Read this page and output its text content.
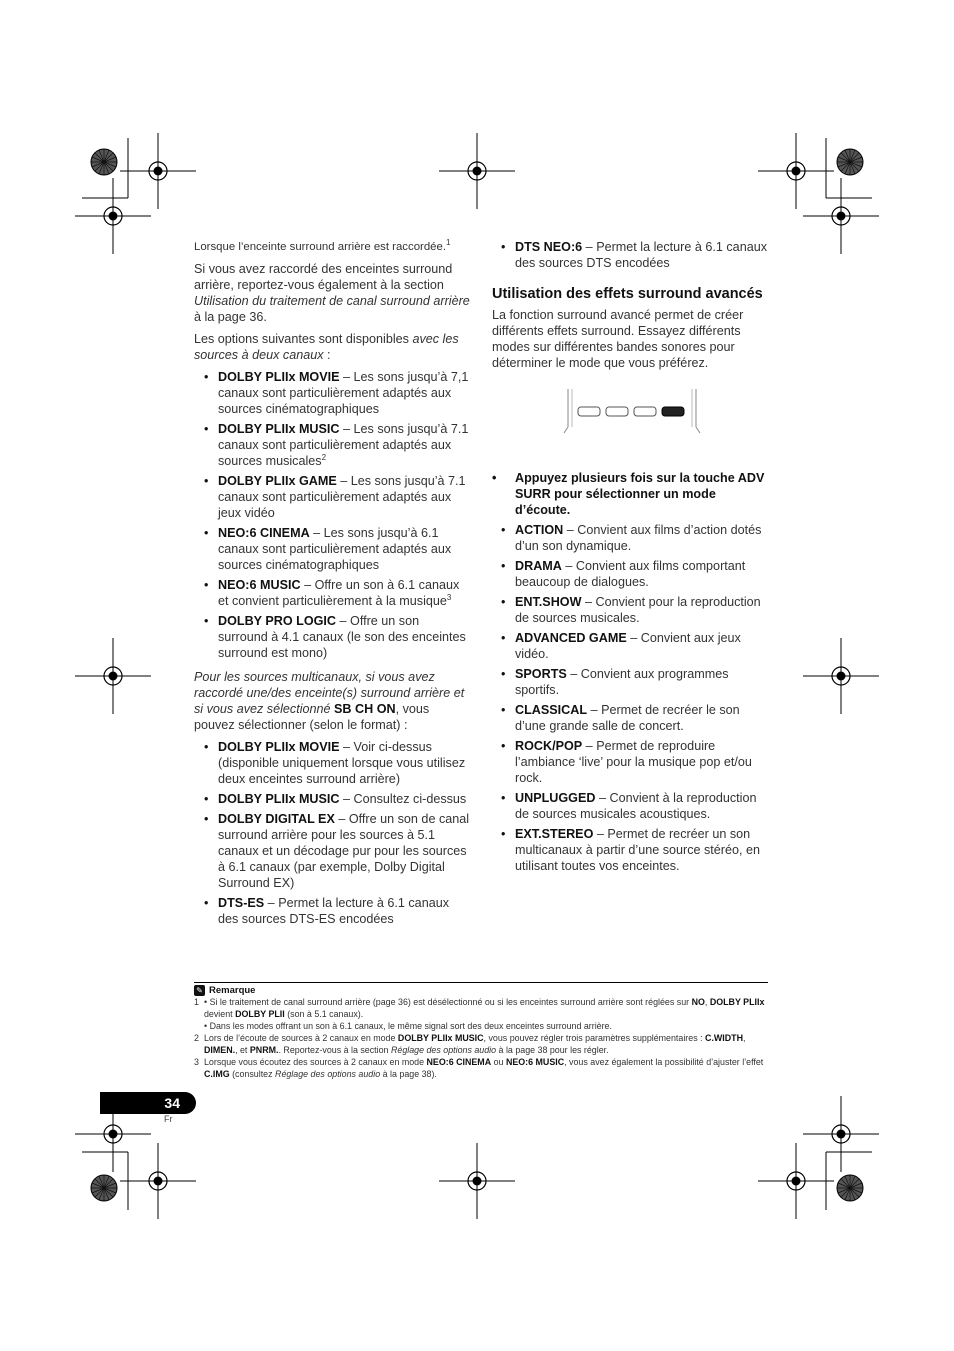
Lorsque l’enceinte surround arrière est raccordée.$^1$

Si vous avez raccordé des enceintes surround arrière, reportez-vous également à la section Utilisation du traitement de canal surround arrière à la page 36.

Les options suivantes sont disponibles avec les sources à deux canaux :

• DOLBY PLIIx MOVIE – Les sons jusqu’à 7,1 canaux sont particulièrement adaptés aux sources cinématographiques
• DOLBY PLIIx MUSIC – Les sons jusqu’à 7.1 canaux sont particulièrement adaptés aux sources musicales$^2$
• DOLBY PLIIx GAME – Les sons jusqu’à 7.1 canaux sont particulièrement adaptés aux jeux vidéo
• NEO:6 CINEMA – Les sons jusqu’à 6.1 canaux sont particulièrement adaptés aux sources cinématographiques
• NEO:6 MUSIC – Offre un son à 6.1 canaux et convient particulièrement à la musique$^3$
• DOLBY PRO LOGIC – Offre un son surround à 4.1 canaux (le son des enceintes surround est mono)

Pour les sources multicanaux, si vous avez raccordé une/des enceinte(s) surround arrière et si vous avez sélectionné SB CH ON, vous pouvez sélectionner (selon le format) :

• DOLBY PLIIx MOVIE – Voir ci-dessus (disponible uniquement lorsque vous utilisez deux enceintes surround arrière)
• DOLBY PLIIx MUSIC – Consultez ci-dessus
• DOLBY DIGITAL EX – Offre un son de canal surround arrière pour les sources à 5.1 canaux et un décodage pur pour les sources à 6.1 canaux (par exemple, Dolby Digital Surround EX)
• DTS-ES – Permet la lecture à 6.1 canaux des sources DTS-ES encodées
• DTS NEO:6 – Permet la lecture à 6.1 canaux des sources DTS encodées
Utilisation des effets surround avancés

La fonction surround avancé permet de créer différents effets surround. Essayez différents modes sur différentes bandes sonores pour déterminer le mode que vous préférez.

• Appuyez plusieurs fois sur la touche ADV SURR pour sélectionner un mode d’écoute.
• ACTION – Convient aux films d’action dotés d’un son dynamique.
• DRAMA – Convient aux films comportant beaucoup de dialogues.
• ENT.SHOW – Convient pour la reproduction de sources musicales.
• ADVANCED GAME – Convient aux jeux vidéo.
• SPORTS – Convient aux programmes sportifs.
• CLASSICAL – Permet de recréer le son d’une grande salle de concert.
• ROCK/POP – Permet de reproduire l’ambiance ‘live’ pour la musique pop et/ou rock.
• UNPLUGGED – Convient à la reproduction de sources musicales acoustiques.
• EXT.STEREO – Permet de recréer un son multicanaux à partir d’une source stéréo, en utilisant toutes vos enceintes.
✎ Remarque
1 • Si le traitement de canal surround arrière (page 36) est désélectionné ou si les enceintes surround arrière sont réglées sur NO, DOLBY PLIIx devient DOLBY PLII (son à 5.1 canaux).
• Dans les modes offrant un son à 6.1 canaux, le même signal sort des deux enceintes surround arrière.
2 Lors de l’écoute de sources à 2 canaux en mode DOLBY PLIIx MUSIC, vous pouvez régler trois paramètres supplémentaires : C.WIDTH, DIMEN., et PNRM.. Reportez-vous à la section Réglage des options audio à la page 38 pour les régler.
3 Lorsque vous écoutez des sources à 2 canaux en mode NEO:6 CINEMA ou NEO:6 MUSIC, vous avez également la possibilité d’ajuster l’effet C.IMG (consultez Réglage des options audio à la page 38).
34
Fr
